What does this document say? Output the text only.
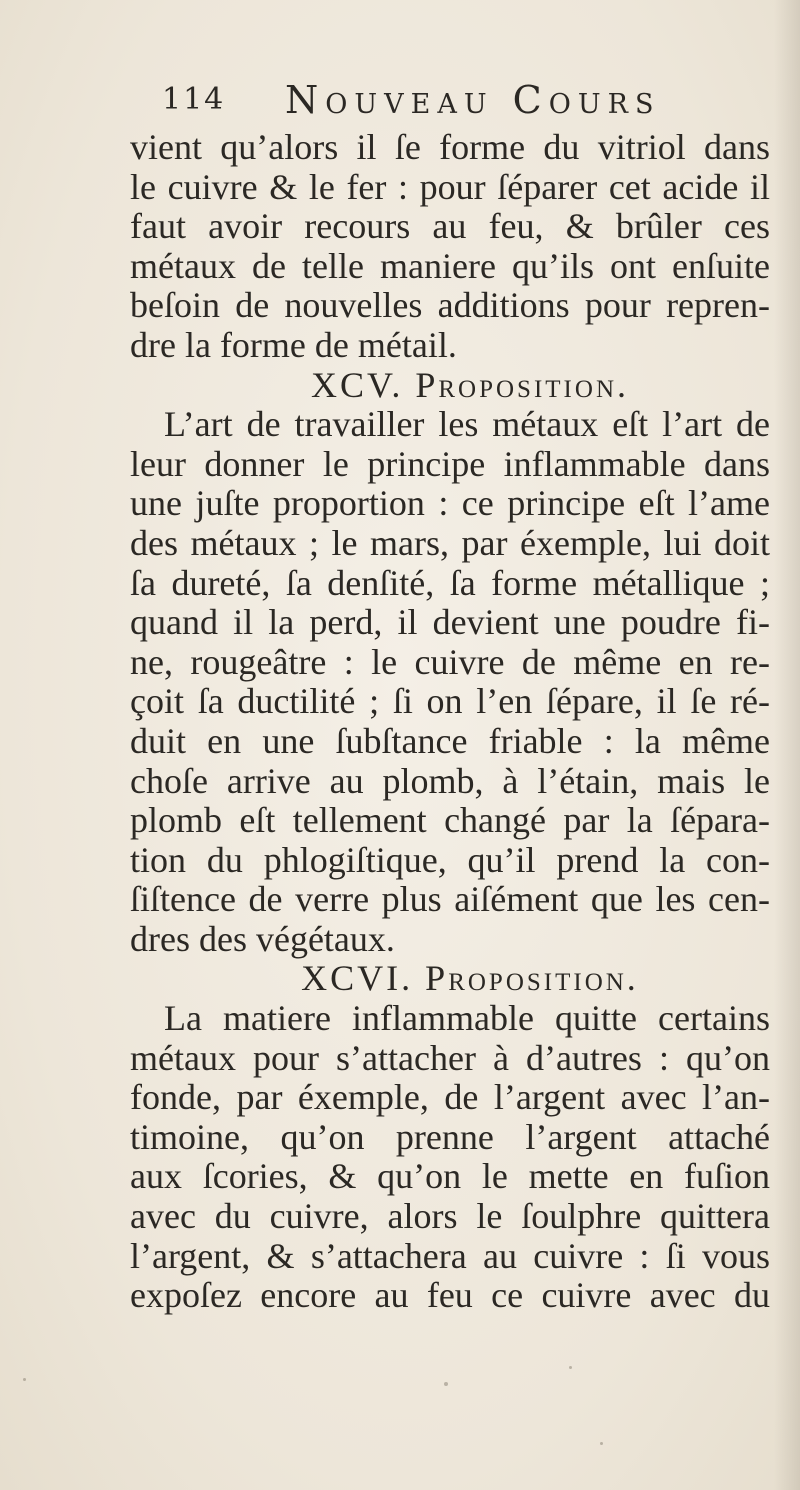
114 Nouveau Cours
vient qu’alors il ſe forme du vitriol dans
le cuivre & le fer : pour ſéparer cet acide il
faut avoir recours au feu, & brûler ces
métaux de telle maniere qu’ils ont enſuite
beſoin de nouvelles additions pour repren-
dre la forme de métail.
XCV. Proposition.
L’art de travailler les métaux eſt l’art de
leur donner le principe inflammable dans
une juſte proportion : ce principe eſt l’ame
des métaux ; le mars, par éxemple, lui doit
ſa dureté, ſa denſité, ſa forme métallique ;
quand il la perd, il devient une poudre fi-
ne, rougeâtre : le cuivre de même en re-
çoit ſa ductilité ; ſi on l’en ſépare, il ſe ré-
duit en une ſubſtance friable : la même
choſe arrive au plomb, à l’étain, mais le
plomb eſt tellement changé par la ſépara-
tion du phlogiſtique, qu’il prend la con-
ſiſtence de verre plus aiſément que les cen-
dres des végétaux.
XCVI. Proposition.
La matiere inflammable quitte certains
métaux pour s’attacher à d’autres : qu’on
fonde, par éxemple, de l’argent avec l’an-
timoine, qu’on prenne l’argent attaché
aux ſcories, & qu’on le mette en fuſion
avec du cuivre, alors le ſoulphre quittera
l’argent, & s’attachera au cuivre : ſi vous
expoſez encore au feu ce cuivre avec du
